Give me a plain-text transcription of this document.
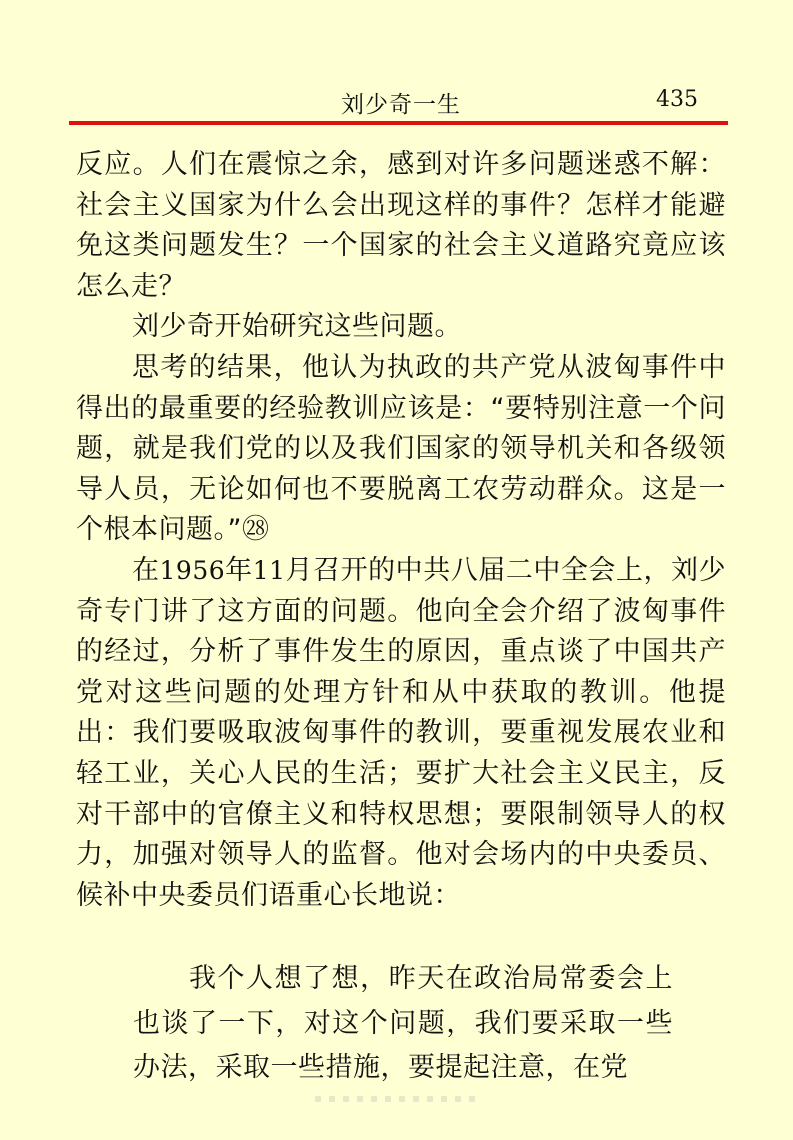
刘少奇一生	435

反应。人们在震惊之余，感到对许多问题迷惑不解：社会主义国家为什么会出现这样的事件？怎样才能避免这类问题发生？一个国家的社会主义道路究竟应该怎么走？

刘少奇开始研究这些问题。

思考的结果，他认为执政的共产党从波匈事件中得出的最重要的经验教训应该是：“要特别注意一个问题，就是我们党的以及我们国家的领导机关和各级领导人员，无论如何也不要脱离工农劳动群众。这是一个根本问题。”㉘

在1956年11月召开的中共八届二中全会上，刘少奇专门讲了这方面的问题。他向全会介绍了波匈事件的经过，分析了事件发生的原因，重点谈了中国共产党对这些问题的处理方针和从中获取的教训。他提出：我们要吸取波匈事件的教训，要重视发展农业和轻工业，关心人民的生活；要扩大社会主义民主，反对干部中的官僚主义和特权思想；要限制领导人的权力，加强对领导人的监督。他对会场内的中央委员、候补中央委员们语重心长地说：

我个人想了想，昨天在政治局常委会上也谈了一下，对这个问题，我们要采取一些办法，采取一些措施，要提起注意，在党
